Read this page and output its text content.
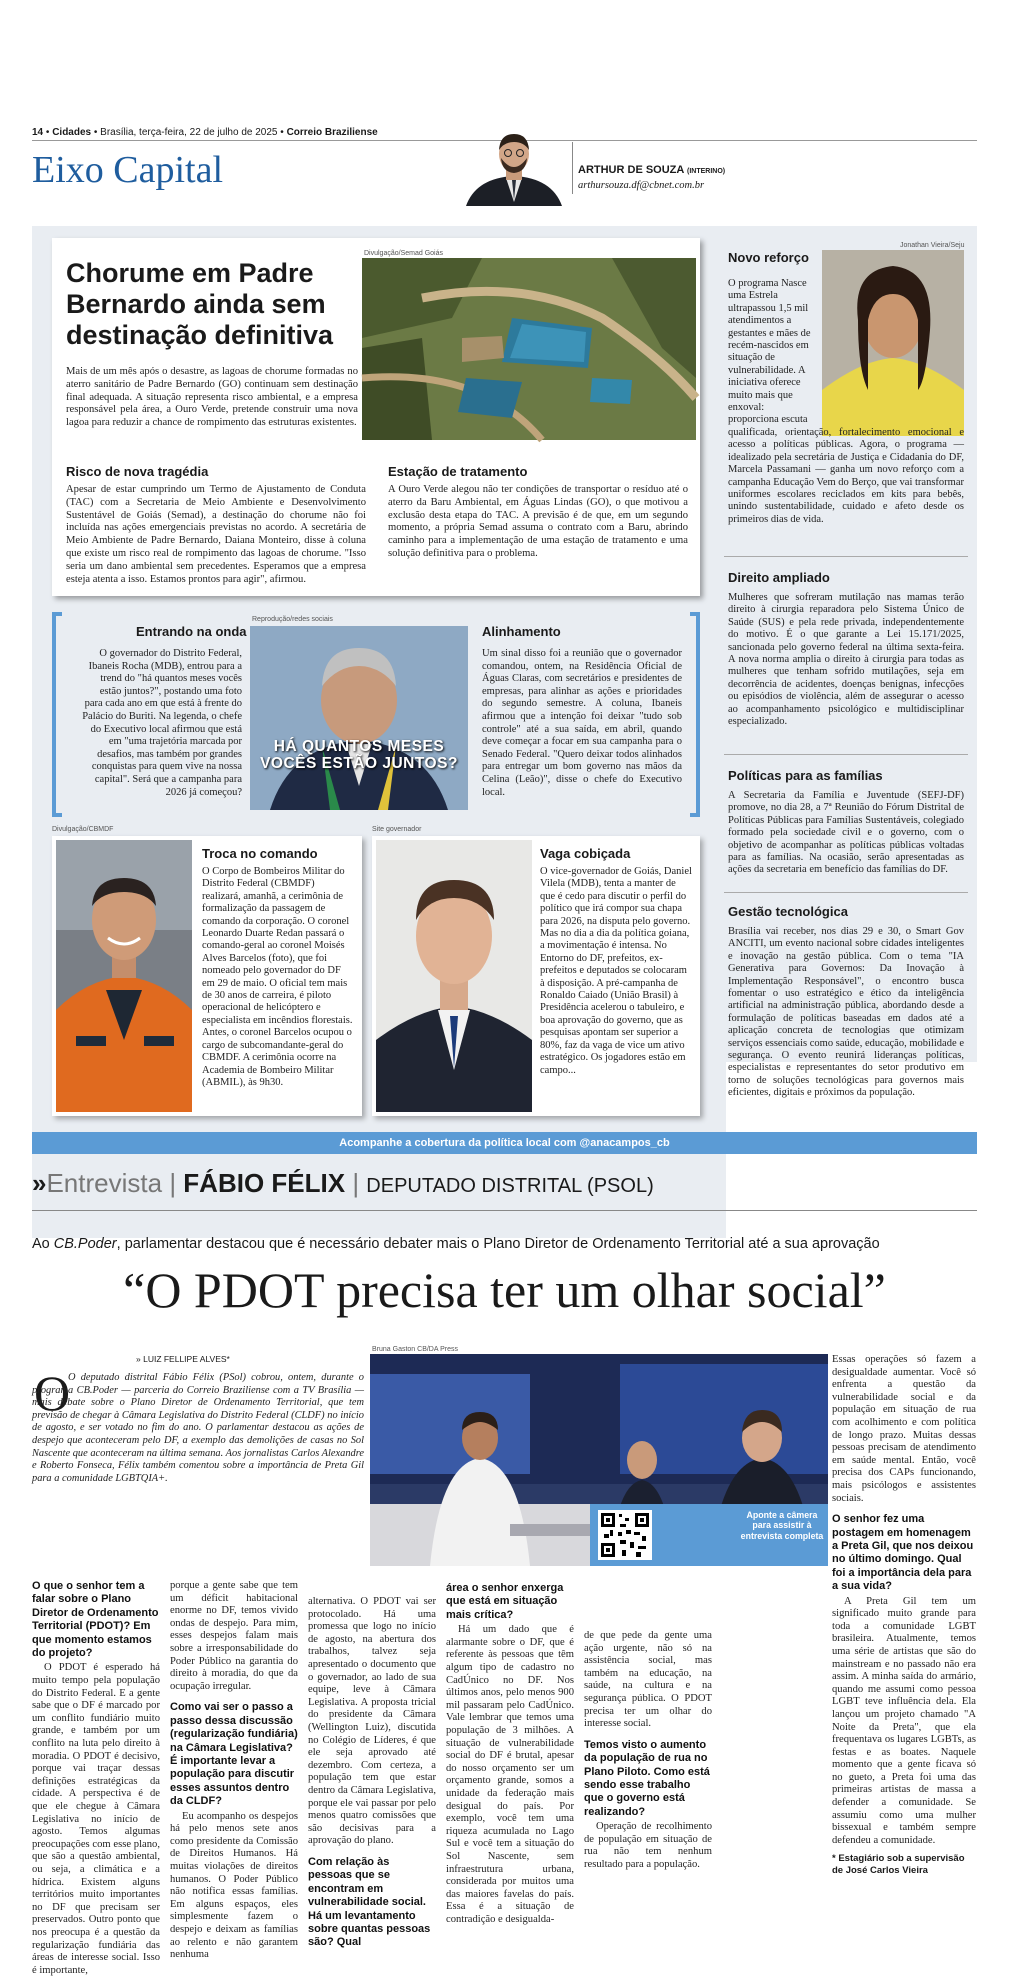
14 • Cidades • Brasília, terça-feira, 22 de julho de 2025 • Correio Braziliense
Eixo Capital	ARTHUR DE SOUZA (INTERINO)
arthursouza.df@cbnet.com.br
Chorume em Padre Bernardo ainda sem destinação definitiva
Divulgação/Semad Goiás
Mais de um mês após o desastre, as lagoas de chorume formadas no aterro sanitário de Padre Bernardo (GO) continuam sem destinação final adequada. A situação representa risco ambiental, e a empresa responsável pela área, a Ouro Verde, pretende construir uma nova lagoa para reduzir a chance de rompimento das estruturas existentes.
Risco de nova tragédia
Apesar de estar cumprindo um Termo de Ajustamento de Conduta (TAC) com a Secretaria de Meio Ambiente e Desenvolvimento Sustentável de Goiás (Semad), a destinação do chorume não foi incluída nas ações emergenciais previstas no acordo. A secretária de Meio Ambiente de Padre Bernardo, Daiana Monteiro, disse à coluna que existe um risco real de rompimento das lagoas de chorume. "Isso seria um dano ambiental sem precedentes. Esperamos que a empresa esteja atenta a isso. Estamos prontos para agir", afirmou.
Estação de tratamento
A Ouro Verde alegou não ter condições de transportar o resíduo até o aterro da Baru Ambiental, em Águas Lindas (GO), o que motivou a exclusão desta etapa do TAC. A previsão é de que, em um segundo momento, a própria Semad assuma o contrato com a Baru, abrindo caminho para a implementação de uma estação de tratamento e uma solução definitiva para o problema.
Entrando na onda
O governador do Distrito Federal, Ibaneis Rocha (MDB), entrou para a trend do "há quantos meses vocês estão juntos?", postando uma foto para cada ano em que está à frente do Palácio do Buriti. Na legenda, o chefe do Executivo local afirmou que está em "uma trajetória marcada por desafios, mas também por grandes conquistas para quem vive na nossa capital". Será que a campanha para 2026 já começou?
Reprodução/redes sociais
HÁ QUANTOS MESES VOCÊS ESTÃO JUNTOS?
Alinhamento
Um sinal disso foi a reunião que o governador comandou, ontem, na Residência Oficial de Águas Claras, com secretários e presidentes de empresas, para alinhar as ações e prioridades do segundo semestre. A coluna, Ibaneis afirmou que a intenção foi deixar "tudo sob controle" até a sua saída, em abril, quando deve começar a focar em sua campanha para o Senado Federal. "Quero deixar todos alinhados para entregar um bom governo nas mãos da Celina (Leão)", disse o chefe do Executivo local.
Divulgação/CBMDF
Troca no comando
O Corpo de Bombeiros Militar do Distrito Federal (CBMDF) realizará, amanhã, a cerimônia de formalização da passagem de comando da corporação. O coronel Leonardo Duarte Redan passará o comando-geral ao coronel Moisés Alves Barcelos (foto), que foi nomeado pelo governador do DF em 29 de maio. O oficial tem mais de 30 anos de carreira, é piloto operacional de helicóptero e especialista em incêndios florestais. Antes, o coronel Barcelos ocupou o cargo de subcomandante-geral do CBMDF. A cerimônia ocorre na Academia de Bombeiro Militar (ABMIL), às 9h30.
Site governador
Vaga cobiçada
O vice-governador de Goiás, Daniel Vilela (MDB), tenta a manter de que é cedo para discutir o perfil do político que irá compor sua chapa para 2026, na disputa pelo governo. Mas no dia a dia da política goiana, a movimentação é intensa. No Entorno do DF, prefeitos, ex-prefeitos e deputados se colocaram à disposição. A pré-campanha de Ronaldo Caiado (União Brasil) à Presidência acelerou o tabuleiro, e boa aprovação do governo, que as pesquisas apontam ser superior a 80%, faz da vaga de vice um ativo estratégico. Os jogadores estão em campo...
Acompanhe a cobertura da política local com @anacampos_cb
Novo reforço
Jonathan Vieira/Seju
O programa Nasce uma Estrela ultrapassou 1,5 mil atendimentos a gestantes e mães de recém-nascidos em situação de vulnerabilidade. A iniciativa oferece muito mais que enxoval: proporciona escuta
qualificada, orientação, fortalecimento emocional e acesso a políticas públicas. Agora, o programa — idealizado pela secretária de Justiça e Cidadania do DF, Marcela Passamani — ganha um novo reforço com a campanha Educação Vem do Berço, que vai transformar uniformes escolares reciclados em kits para bebês, unindo sustentabilidade, cuidado e afeto desde os primeiros dias de vida.
Direito ampliado
Mulheres que sofreram mutilação nas mamas terão direito à cirurgia reparadora pelo Sistema Único de Saúde (SUS) e pela rede privada, independentemente do motivo. É o que garante a Lei 15.171/2025, sancionada pelo governo federal na última sexta-feira. A nova norma amplia o direito à cirurgia para todas as mulheres que tenham sofrido mutilações, seja em decorrência de acidentes, doenças benignas, infecções ou episódios de violência, além de assegurar o acesso ao acompanhamento psicológico e multidisciplinar especializado.
Políticas para as famílias
A Secretaria da Família e Juventude (SEFJ-DF) promove, no dia 28, a 7ª Reunião do Fórum Distrital de Políticas Públicas para Famílias Sustentáveis, colegiado formado pela sociedade civil e o governo, com o objetivo de acompanhar as políticas públicas voltadas para as famílias. Na ocasião, serão apresentadas as ações da secretaria em benefício das famílias do DF.
Gestão tecnológica
Brasília vai receber, nos dias 29 e 30, o Smart Gov ANCITI, um evento nacional sobre cidades inteligentes e inovação na gestão pública. Com o tema "IA Generativa para Governos: Da Inovação à Implementação Responsável", o encontro busca fomentar o uso estratégico e ético da inteligência artificial na administração pública, abordando desde a formulação de políticas baseadas em dados até a aplicação concreta de tecnologias que otimizam serviços essenciais como saúde, educação, mobilidade e segurança. O evento reunirá lideranças políticas, especialistas e representantes do setor produtivo em torno de soluções tecnológicas para governos mais eficientes, digitais e próximos da população.
»Entrevista | FÁBIO FÉLIX | DEPUTADO DISTRITAL (PSOL)
Ao CB.Poder, parlamentar destacou que é necessário debater mais o Plano Diretor de Ordenamento Territorial até a sua aprovação
“O PDOT precisa ter um olhar social”
» LUIZ FELLIPE ALVES*
O
O deputado distrital Fábio Félix (PSol) cobrou, ontem, durante o programa CB.Poder — parceria do Correio Braziliense com a TV Brasília — mais debate sobre o Plano Diretor de Ordenamento Territorial, que tem previsão de chegar à Câmara Legislativa do Distrito Federal (CLDF) no início de agosto, e ser votado no fim do ano. O parlamentar destacou as ações de despejo que aconteceram pelo DF, a exemplo das demolições de casas no Sol Nascente que aconteceram na última semana. Aos jornalistas Carlos Alexandre e Roberto Fonseca, Félix também comentou sobre a importância de Preta Gil para a comunidade LGBTQIA+.
Bruna Gaston CB/DA Press
Aponte a câmera para assistir à entrevista completa
O que o senhor tem a falar sobre o Plano Diretor de Ordenamento Territorial (PDOT)? Em que momento estamos do projeto?
O PDOT é esperado há muito tempo pela população do Distrito Federal. E a gente sabe que o DF é marcado por um conflito fundiário muito grande, e também por um conflito na luta pelo direito à moradia. O PDOT é decisivo, porque vai traçar dessas definições estratégicas da cidade. A perspectiva é de que ele chegue à Câmara Legislativa no início de agosto. Temos algumas preocupações com esse plano, que são a questão ambiental, ou seja, a climática e a hídrica. Existem alguns territórios muito importantes no DF que precisam ser preservados. Outro ponto que nos preocupa é a questão da regularização fundiária das áreas de interesse social. Isso é importante,
porque a gente sabe que tem um déficit habitacional enorme no DF, temos vivido ondas de despejo. Para mim, esses despejos falam mais sobre a irresponsabilidade do Poder Público na garantia do direito à moradia, do que da ocupação irregular.
Como vai ser o passo a passo dessa discussão (regularização fundiária) na Câmara Legislativa? É importante levar a população para discutir esses assuntos dentro da CLDF?
Eu acompanho os despejos há pelo menos sete anos como presidente da Comissão de Direitos Humanos. Há muitas violações de direitos humanos. O Poder Público não notifica essas famílias. Em alguns espaços, eles simplesmente fazem o despejo e deixam as famílias ao relento e não garantem nenhuma
alternativa. O PDOT vai ser protocolado. Há uma promessa que logo no início de agosto, na abertura dos trabalhos, talvez seja apresentado o documento que o governador, ao lado de sua equipe, leve à Câmara Legislativa. A proposta tricial do presidente da Câmara (Wellington Luiz), discutida no Colégio de Líderes, é que ele seja aprovado até dezembro. Com certeza, a população tem que estar dentro da Câmara Legislativa, porque ele vai passar por pelo menos quatro comissões que são decisivas para a aprovação do plano.
Com relação às pessoas que se encontram em vulnerabilidade social. Há um levantamento sobre quantas pessoas são? Qual
área o senhor enxerga que está em situação mais crítica?
Há um dado que é alarmante sobre o DF, que é referente às pessoas que têm algum tipo de cadastro no CadÚnico no DF. Nos últimos anos, pelo menos 900 mil passaram pelo CadÚnico. Vale lembrar que temos uma população de 3 milhões. A situação de vulnerabilidade social do DF é brutal, apesar do nosso orçamento ser um orçamento grande, somos a unidade da federação mais desigual do país. Por exemplo, você tem uma riqueza acumulada no Lago Sul e você tem a situação do Sol Nascente, sem infraestrutura urbana, considerada por muitos uma das maiores favelas do país. Essa é a situação de contradição e desigualda-
de que pede da gente uma ação urgente, não só na assistência social, mas também na educação, na saúde, na cultura e na segurança pública. O PDOT precisa ter um olhar do interesse social.
Temos visto o aumento da população de rua no Plano Piloto. Como está sendo esse trabalho que o governo está realizando?
Operação de recolhimento de população em situação de rua não tem nenhum resultado para a população.
Essas operações só fazem a desigualdade aumentar. Você só enfrenta a questão da vulnerabilidade social e da população em situação de rua com acolhimento e com política de longo prazo. Muitas dessas pessoas precisam de atendimento em saúde mental. Então, você precisa dos CAPs funcionando, mais psicólogos e assistentes sociais.
O senhor fez uma postagem em homenagem a Preta Gil, que nos deixou no último domingo. Qual foi a importância dela para a sua vida?
A Preta Gil tem um significado muito grande para toda a comunidade LGBT brasileira. Atualmente, temos uma série de artistas que são do mainstream e no passado não era assim. A minha saída do armário, quando me assumi como pessoa LGBT teve influência dela. Ela lançou um projeto chamado "A Noite da Preta", que ela frequentava os lugares LGBTs, as festas e as boates. Naquele momento que a gente ficava só no gueto, a Preta foi uma das primeiras artistas de massa a defender a comunidade. Se assumiu como uma mulher bissexual e também sempre defendeu a comunidade.
* Estagiário sob a supervisão de José Carlos Vieira
